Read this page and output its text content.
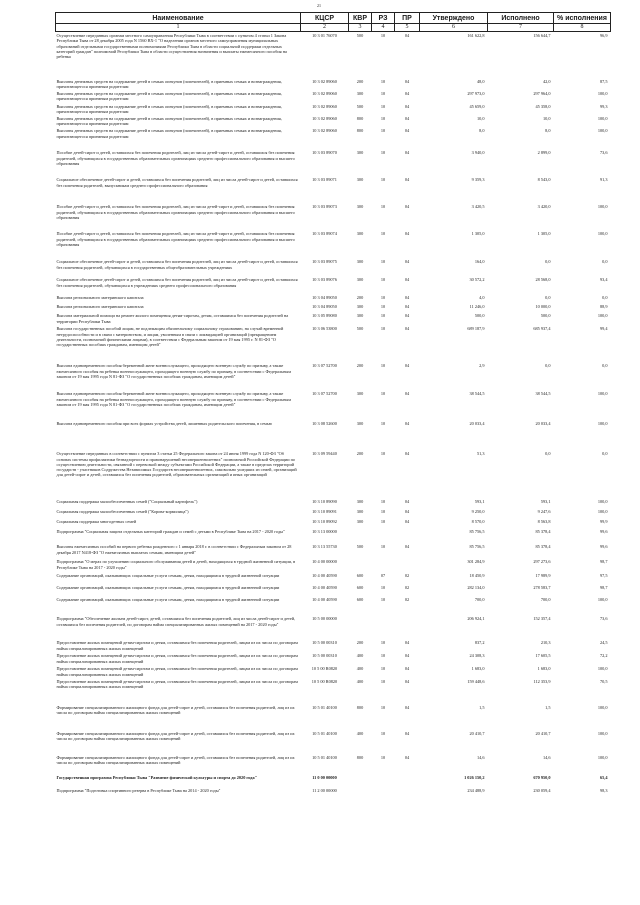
21
Наименование	КЦСР	КВР	РЗ	ПР	Утверждено	Исполнено	% исполнения
1	2	3	4	5	6	7	8
Осуществление переданных органам местного самоуправления Республики Тыва в соответствии с пунктом 4 статьи 1 Закона Республики Тыва от 28 декабря 2005 года N 1560 ВХ-1 "О наделении органов местного самоуправления муниципальных образований отдельными государственными полномочиями Республики Тыва в области социальной поддержки отдельных категорий граждан" полномочий Республики Тыва в области осуществления назначения и выплаты ежемесячного пособия на ребенка	10 3 01 76070	500	10	04	161 622,8	156 644,7	96,9
Выплаты денежных средств на содержание детей в семьях опекунов (попечителей), в приемных семьях и вознаграждения, причитающегося приемным родителям	10 3 02 89060	200	10	04	48,0	42,0	87,5
Выплаты денежных средств на содержание детей в семьях опекунов (попечителей), в приемных семьях и вознаграждения, причитающегося приемным родителям	10 3 02 89060	300	10	04	297 973,0	297 964,0	100,0
Выплаты денежных средств на содержание детей в семьях опекунов (попечителей), в приемных семьях и вознаграждения, причитающегося приемным родителям	10 3 02 89060	500	10	04	45 659,0	45 358,0	99,3
Выплаты денежных средств на содержание детей в семьях опекунов (попечителей), в приемных семьях и вознаграждения, причитающегося приемным родителям	10 3 02 89060	800	10	04	10,0	10,0	100,0
Выплаты денежных средств на содержание детей в семьях опекунов (попечителей), в приемных семьях и вознаграждения, причитающегося приемным родителям	10 3 02 89060	800	10	04	8,0	8,0	100,0
Пособие детей-сирот и детей, оставшихся без попечения родителей, лиц из числа детей-сирот и детей, оставшихся без попечения родителей, обучающихся в государственных образовательных организациях среднего профессионального образования и высшего образования	10 3 03 89070	300	10	04	3 940,0	2 899,0	73,6
Социальное обеспечение детей-сирот и детей, оставшихся без попечения родителей, лиц из числа детей-сирот и детей, оставшихся без попечения родителей, выпускникам среднего профессионального образования	10 3 03 89071	300	10	04	9 359,3	8 543,0	91,3
Пособие детей-сирот и детей, оставшихся без попечения родителей, лиц из числа детей-сирот и детей, оставшихся без попечения родителей, обучающихся в государственных образовательных организациях среднего профессионального образования и высшего образования	10 3 03 89073	300	10	04	3 420,5	3 420,0	100,0
Пособие детей-сирот и детей, оставшихся без попечения родителей, лиц из числа детей-сирот и детей, оставшихся без попечения родителей, обучающихся в государственных образовательных организациях среднего профессионального образования и высшего образования	10 3 03 89074	300	10	04	1 305,0	1 305,0	100,0
Социальное обеспечение детей-сирот и детей, оставшихся без попечения родителей, лиц из числа детей-сирот и детей, оставшихся без попечения родителей, обучающихся в государственных общеобразовательных учреждениях	10 3 03 89075	300	10	04	164,0	0,0	0,0
Социальное обеспечение детей-сирот и детей, оставшихся без попечения родителей, лиц из числа детей-сирот и детей, оставшихся без попечения родителей, обучающихся в учреждениях среднего профессионального образования	10 3 03 89076	300	10	04	30 572,2	28 568,0	93,4
Выплата регионального материнского капитала	10 3 04 89050	200	10	04	4,0	0,0	0,0
Выплата регионального материнского капитала	10 3 04 89050	300	10	04	11 246,0	10 000,0	88,9
Выплата материальной помощи на ремонт жилого помещения детям-сиротам, детям, оставшимся без попечения родителей на территории Республики Тыва	10 3 05 89080	300	10	04	500,0	500,0	100,0
Выплата государственных пособий лицам, не подлежащим обязательному социальному страхованию, на случай временной нетрудоспособности и в связи с материнством, и лицам, уволенным в связи с ликвидацией организаций (прекращением деятельности, полномочий физическими лицами), в соответствии с Федеральным законом от 19 мая 1995 г. N 81-ФЗ "О государственных пособиях гражданам, имеющим детей"	10 3 06 53800	500	10	04	689 187,9	685 937,4	99,4
Выплата единовременного пособия беременной жене военнослужащего, проходящего военную службу по призыву, а также ежемесячного пособия на ребенка военнослужащего, проходящего военную службу по призыву, в соответствии с Федеральным законом от 19 мая 1995 года N 81-ФЗ "О государственных пособиях гражданам, имеющим детей"	10 3 07 52700	200	10	04	2,9	0,0	0,0
Выплата единовременного пособия беременной жене военнослужащего, проходящего военную службу по призыву, а также ежемесячного пособия на ребенка военнослужащего, проходящего военную службу по призыву, в соответствии с Федеральным законом от 19 мая 1995 года N 81-ФЗ "О государственных пособиях гражданам, имеющим детей"	10 3 07 52700	300	10	04	38 544,5	38 544,5	100,0
Выплата единовременного пособия при всех формах устройства детей, лишенных родительского попечения, в семью	10 3 08 52600	300	10	04	20 033,4	20 033,4	100,0
Осуществление переданных в соответствии с пунктом 3 статьи 25 Федерального закона от 24 июня 1999 года N 120-ФЗ "Об основах системы профилактики безнадзорности и правонарушений несовершеннолетних" полномочий Российской Федерации по осуществлению деятельности, связанной с перевозкой между субъектами Российской Федерации, а также в пределах территорий государств - участников Содружества Независимых Государств несовершеннолетних, самовольно ушедших из семей, организаций для детей-сирот и детей, оставшихся без попечения родителей, образовательных организаций и иных организаций	10 3 09 59440	200	10	04	51,3	0,0	0,0
Социальная поддержка малообеспеченных семей ("Социальный картофель")	10 3 10 89090	300	10	04	593,1	593,1	100,0
Социальная поддержка малообеспеченных семей ("Корова-кормилица")	10 3 10 89091	300	10	04	9 250,0	9 247,6	100,0
Социальная поддержка многодетных семей	10 3 10 89092	300	10	04	8 570,0	8 563,8	99,9
Подпрограмма "Социальная защита отдельных категорий граждан и семей с детьми в Республике Тыва на 2017 - 2020 годы"	10 3 13 00000				85 756,5	85 378,4	99,6
Выплаты ежемесячных пособий на первого ребенка рожденного с 1 января 2018 г. в соответствии с Федеральным законом от 28 декабря 2017 N418-ФЗ "О ежемесячных выплатах семьям, имеющим детей"	10 3 13 55730	500	10	04	85 756,5	85 378,4	99,6
Подпрограмма "О мерах по улучшению социального обслуживания детей и детей, находящихся в трудной жизненной ситуации, в Республике Тыва на 2017 - 2020 годы"	10 4 00 00000				301 284,9	297 273,6	98,7
Содержание организаций, оказывающих социальные услуги семьям, детям, находящимся в трудной жизненной ситуации	10 4 00 40590	600	07	02	18 450,9	17 989,9	97,5
Содержание организаций, оказывающих социальные услуги семьям, детям, находящимся в трудной жизненной ситуации	10 4 00 40590	600	10	02	282 134,0	278 583,7	98,7
Содержание организаций, оказывающих социальные услуги семьям, детям, находящимся в трудной жизненной ситуации	10 4 00 40590	600	10	02	700,0	700,0	100,0
Подпрограмма "Обеспечение жильем детей-сирот, детей, оставшихся без попечения родителей, лиц из числа детей-сирот и детей, оставшихся без попечения родителей, по договорам найма специализированных жилых помещений на 2017 - 2020 годы"	10 5 00 00000				206 924,1	152 357,4	73,6
Предоставление жилых помещений детям-сиротам и детям, оставшимся без попечения родителей, лицам из их числа по договорам найма специализированных жилых помещений	10 5 00 00310	200	10	04	837,2	210,3	24,5
Предоставление жилых помещений детям-сиротам и детям, оставшимся без попечения родителей, лицам из их числа по договорам найма специализированных жилых помещений	10 5 00 00310	400	10	04	24 308,3	17 605,5	72,2
Предоставление жилых помещений детям-сиротам и детям, оставшимся без попечения родителей, лицам из их числа по договорам найма специализированных жилых помещений	10 5 00 R0820	400	10	04	1 683,0	1 683,0	100,0
Предоставление жилых помещений детям-сиротам и детям, оставшимся без попечения родителей, лицам из их числа по договорам найма специализированных жилых помещений	10 5 00 R0820	400	10	04	159 448,6	112 353,9	70,5
Формирование специализированного жилищного фонда для детей-сирот и детей, оставшихся без попечения родителей, лиц из их числа по договорам найма специализированных жилых помещений	10 5 01 40100	800	10	04	1,5	1,5	100,0
Формирование специализированного жилищного фонда для детей-сирот и детей, оставшихся без попечения родителей, лиц из их числа по договорам найма специализированных жилых помещений	10 5 01 40100	400	10	04	20 410,7	20 410,7	100,0
Формирование специализированного жилищного фонда для детей-сирот и детей, оставшихся без попечения родителей, лиц из их числа по договорам найма специализированных жилых помещений	10 5 01 40100	800	10	04	14,6	14,6	100,0
Государственная программа Республики Тыва "Развитие физической культуры и спорта до 2020 года"	11 0 00 00000				1 026 150,2	670 950,0	65,4
Подпрограмма "Подготовка спортивного резерва в Республике Тыва на 2014 - 2020 годы"	11 2 00 00000				234 488,9	230 059,4	98,3
